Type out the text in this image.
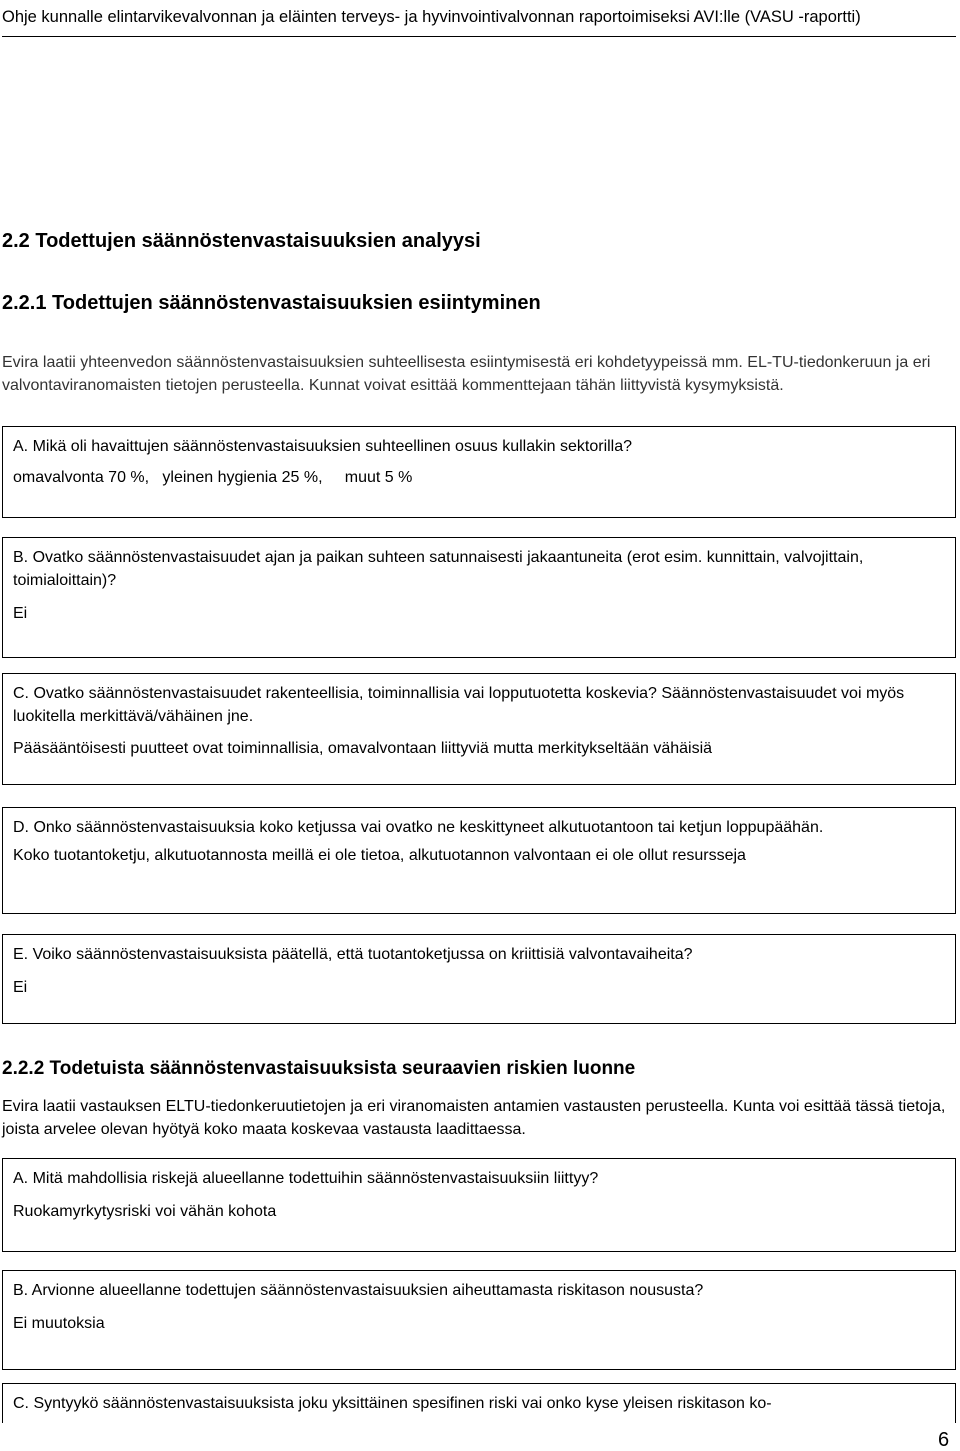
Ohje kunnalle elintarvikevalvonnan ja eläinten terveys- ja hyvinvointivalvonnan raportoimiseksi AVI:lle (VASU -raportti)
2.2 Todettujen säännöstenvastaisuuksien analyysi
2.2.1 Todettujen säännöstenvastaisuuksien esiintyminen
Evira laatii yhteenvedon säännöstenvastaisuuksien suhteellisesta esiintymisestä eri kohdetyypeissä mm. EL-TU-tiedonkeruun ja eri valvontaviranomaisten tietojen perusteella. Kunnat voivat esittää kommenttejaan tähän liittyvistä kysymyksistä.
A. Mikä oli havaittujen säännöstenvastaisuuksien suhteellinen osuus kullakin sektorilla?
omavalvonta 70 %,   yleinen hygienia 25 %,     muut 5 %
B. Ovatko säännöstenvastaisuudet ajan ja paikan suhteen satunnaisesti jakaantuneita (erot esim. kunnittain, valvojittain, toimialoittain)?
Ei
C. Ovatko säännöstenvastaisuudet rakenteellisia, toiminnallisia vai lopputuotetta koskevia? Säännöstenvastaisuudet voi myös luokitella merkittävä/vähäinen jne.
Pääsääntöisesti puutteet ovat toiminnallisia, omavalvontaan liittyviä mutta merkitykseltään vähäisiä
D. Onko säännöstenvastaisuuksia koko ketjussa vai ovatko ne keskittyneet alkutuotantoon tai ketjun loppupäähän.
Koko tuotantoketju, alkutuotannosta meillä ei ole tietoa, alkutuotannon valvontaan ei ole ollut resursseja
E. Voiko säännöstenvastaisuuksista päätellä, että tuotantoketjussa on kriittisiä valvontavaiheita?
Ei
2.2.2 Todetuista säännöstenvastaisuuksista seuraavien riskien luonne
Evira laatii vastauksen ELTU-tiedonkeruutietojen ja eri viranomaisten antamien vastausten perusteella. Kunta voi esittää tässä tietoja, joista arvelee olevan hyötyä koko maata koskevaa vastausta laadittaessa.
A. Mitä mahdollisia riskejä alueellanne todettuihin säännöstenvastaisuuksiin liittyy?
Ruokamyrkytysriski voi vähän kohota
B. Arvionne alueellanne todettujen säännöstenvastaisuuksien aiheuttamasta riskitason noususta?
Ei muutoksia
C. Syntyykö säännöstenvastaisuuksista joku yksittäinen spesifinen riski vai onko kyse yleisen riskitason ko-
6
